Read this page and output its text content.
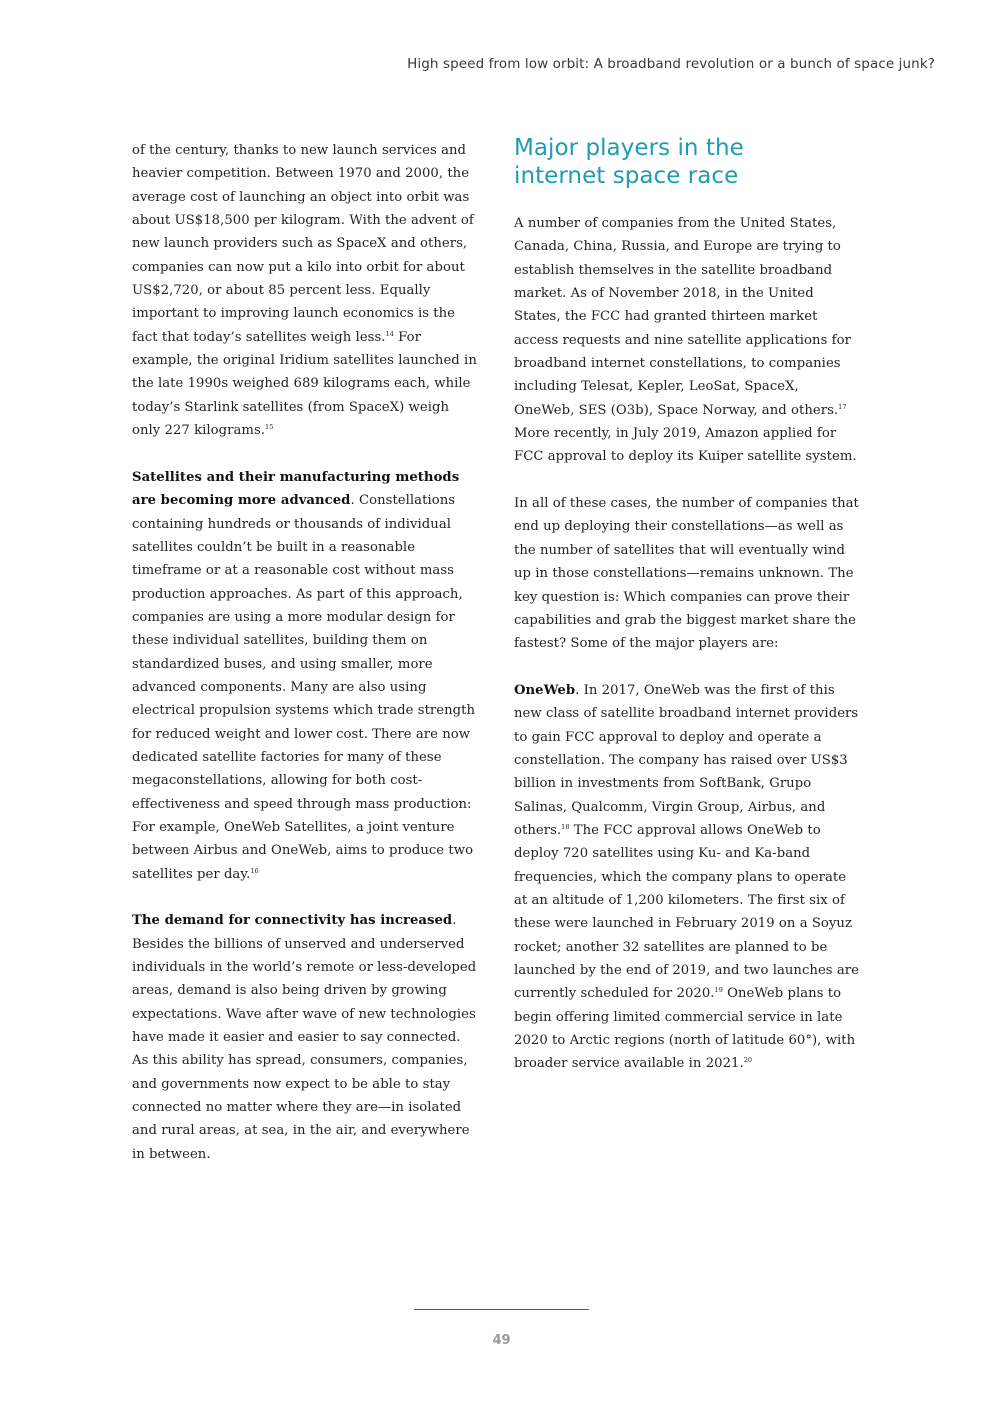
High speed from low orbit: A broadband revolution or a bunch of space junk?

of the century, thanks to new launch services and heavier competition. Between 1970 and 2000, the average cost of launching an object into orbit was about US$18,500 per kilogram. With the advent of new launch providers such as SpaceX and others, companies can now put a kilo into orbit for about US$2,720, or about 85 percent less. Equally important to improving launch economics is the fact that today’s satellites weigh less.$^{14}$ For example, the original Iridium satellites launched in the late 1990s weighed 689 kilograms each, while today’s Starlink satellites (from SpaceX) weigh only 227 kilograms.$^{15}$

Satellites and their manufacturing methods are becoming more advanced. Constellations containing hundreds or thousands of individual satellites couldn’t be built in a reasonable timeframe or at a reasonable cost without mass production approaches. As part of this approach, companies are using a more modular design for these individual satellites, building them on standardized buses, and using smaller, more advanced components. Many are also using electrical propulsion systems which trade strength for reduced weight and lower cost. There are now dedicated satellite factories for many of these megaconstellations, allowing for both cost-effectiveness and speed through mass production: For example, OneWeb Satellites, a joint venture between Airbus and OneWeb, aims to produce two satellites per day.$^{16}$

The demand for connectivity has increased. Besides the billions of unserved and underserved individuals in the world’s remote or less-developed areas, demand is also being driven by growing expectations. Wave after wave of new technologies have made it easier and easier to say connected. As this ability has spread, consumers, companies, and governments now expect to be able to stay connected no matter where they are—in isolated and rural areas, at sea, in the air, and everywhere in between.

Major players in the
internet space race

A number of companies from the United States, Canada, China, Russia, and Europe are trying to establish themselves in the satellite broadband market. As of November 2018, in the United States, the FCC had granted thirteen market access requests and nine satellite applications for broadband internet constellations, to companies including Telesat, Kepler, LeoSat, SpaceX, OneWeb, SES (O3b), Space Norway, and others.$^{17}$ More recently, in July 2019, Amazon applied for FCC approval to deploy its Kuiper satellite system.

In all of these cases, the number of companies that end up deploying their constellations—as well as the number of satellites that will eventually wind up in those constellations—remains unknown. The key question is: Which companies can prove their capabilities and grab the biggest market share the fastest? Some of the major players are:

OneWeb. In 2017, OneWeb was the first of this new class of satellite broadband internet providers to gain FCC approval to deploy and operate a constellation. The company has raised over US$3 billion in investments from SoftBank, Grupo Salinas, Qualcomm, Virgin Group, Airbus, and others.$^{18}$ The FCC approval allows OneWeb to deploy 720 satellites using Ku- and Ka-band frequencies, which the company plans to operate at an altitude of 1,200 kilometers. The first six of these were launched in February 2019 on a Soyuz rocket; another 32 satellites are planned to be launched by the end of 2019, and two launches are currently scheduled for 2020.19 OneWeb plans to begin offering limited commercial service in late 2020 to Arctic regions (north of latitude 60°), with broader service available in 2021.20

49
